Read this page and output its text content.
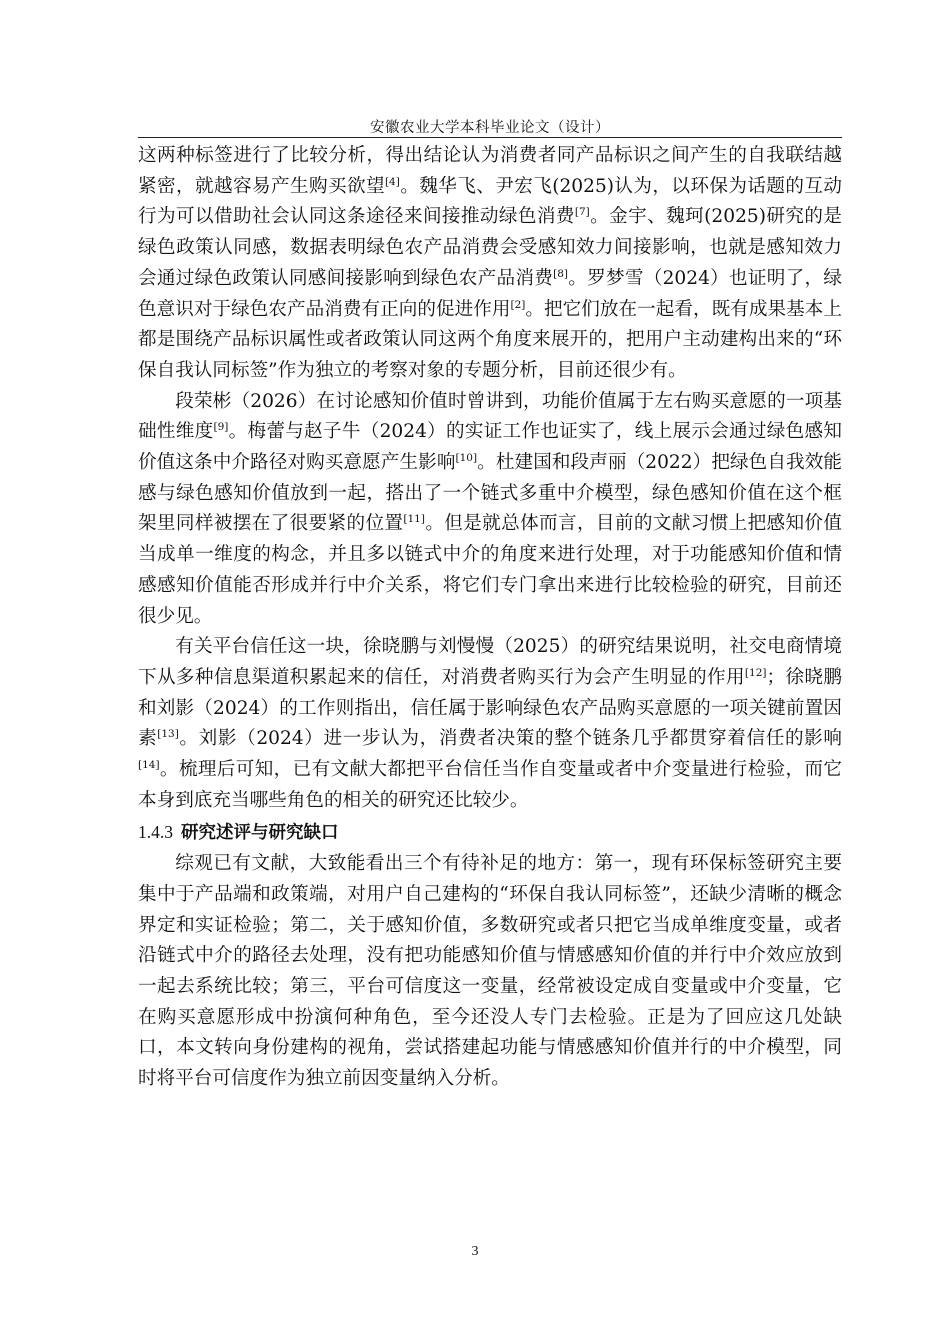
安徽农业大学本科毕业论文（设计）

这两种标签进行了比较分析，得出结论认为消费者同产品标识之间产生的自我联结越紧密，就越容易产生购买欲望[4]。魏华飞、尹宏飞(2025)认为，以环保为话题的互动行为可以借助社会认同这条途径来间接推动绿色消费[7]。金宇、魏珂(2025)研究的是绿色政策认同感，数据表明绿色农产品消费会受感知效力间接影响，也就是感知效力会通过绿色政策认同感间接影响到绿色农产品消费[8]。罗梦雪（2024）也证明了，绿色意识对于绿色农产品消费有正向的促进作用[2]。把它们放在一起看，既有成果基本上都是围绕产品标识属性或者政策认同这两个角度来展开的，把用户主动建构出来的“环保自我认同标签”作为独立的考察对象的专题分析，目前还很少有。

段荣彬（2026）在讨论感知价值时曾讲到，功能价值属于左右购买意愿的一项基础性维度[9]。梅蕾与赵子牛（2024）的实证工作也证实了，线上展示会通过绿色感知价值这条中介路径对购买意愿产生影响[10]。杜建国和段声丽（2022）把绿色自我效能感与绿色感知价值放到一起，搭出了一个链式多重中介模型，绿色感知价值在这个框架里同样被摆在了很要紧的位置[11]。但是就总体而言，目前的文献习惯上把感知价值当成单一维度的构念，并且多以链式中介的角度来进行处理，对于功能感知价值和情感感知价值能否形成并行中介关系，将它们专门拿出来进行比较检验的研究，目前还很少见。

有关平台信任这一块，徐晓鹏与刘慢慢（2025）的研究结果说明，社交电商情境下从多种信息渠道积累起来的信任，对消费者购买行为会产生明显的作用[12]；徐晓鹏和刘影（2024）的工作则指出，信任属于影响绿色农产品购买意愿的一项关键前置因素[13]。刘影（2024）进一步认为，消费者决策的整个链条几乎都贯穿着信任的影响[14]。梳理后可知，已有文献大都把平台信任当作自变量或者中介变量进行检验，而它本身到底充当哪些角色的相关的研究还比较少。

1.4.3 研究述评与研究缺口

综观已有文献，大致能看出三个有待补足的地方：第一，现有环保标签研究主要集中于产品端和政策端，对用户自己建构的“环保自我认同标签”，还缺少清晰的概念界定和实证检验；第二，关于感知价值，多数研究或者只把它当成单维度变量，或者沿链式中介的路径去处理，没有把功能感知价值与情感感知价值的并行中介效应放到一起去系统比较；第三，平台可信度这一变量，经常被设定成自变量或中介变量，它在购买意愿形成中扮演何种角色，至今还没人专门去检验。正是为了回应这几处缺口，本文转向身份建构的视角，尝试搭建起功能与情感感知价值并行的中介模型，同时将平台可信度作为独立前因变量纳入分析。

3
